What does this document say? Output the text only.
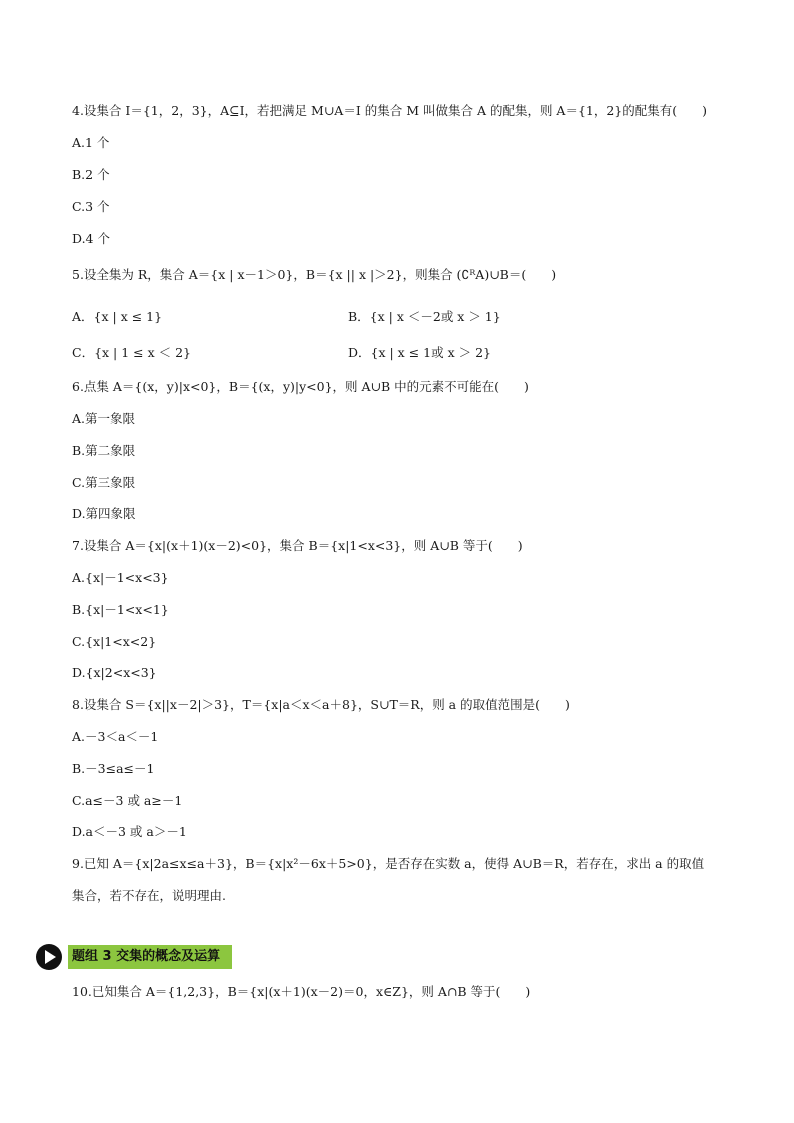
4.设集合 I＝{1，2，3}，A⊆I，若把满足 M∪A＝I 的集合 M 叫做集合 A 的配集，则 A＝{1，2}的配集有(　　)
A.1 个
B.2 个
C.3 个
D.4 个
5.设全集为 R，集合 A＝{x | x－1＞0}，B＝{x || x |＞2}，则集合 (∁ᴿA)∪B＝(　　)
A．{x | x ≤ 1}	B．{x | x ＜－2或 x ＞ 1}
C．{x | 1 ≤ x ＜ 2}	D．{x | x ≤ 1或 x ＞ 2}
6.点集 A＝{(x，y)|x<0}，B＝{(x，y)|y<0}，则 A∪B 中的元素不可能在(　　)
A.第一象限
B.第二象限
C.第三象限
D.第四象限
7.设集合 A＝{x|(x＋1)(x－2)<0}，集合 B＝{x|1<x<3}，则 A∪B 等于(　　)
A.{x|－1<x<3}
B.{x|－1<x<1}
C.{x|1<x<2}
D.{x|2<x<3}
8.设集合 S＝{x||x－2|＞3}，T＝{x|a＜x＜a＋8}，S∪T＝R，则 a 的取值范围是(　　)
A.－3＜a＜－1
B.－3≤a≤－1
C.a≤－3 或 a≥－1
D.a＜－3 或 a＞－1
9.已知 A＝{x|2a≤x≤a＋3}，B＝{x|x²－6x＋5>0}，是否存在实数 a，使得 A∪B＝R，若存在，求出 a 的取值
集合，若不存在，说明理由.
题组 3 交集的概念及运算
10.已知集合 A＝{1,2,3}，B＝{x|(x＋1)(x－2)＝0，x∈Z}，则 A∩B 等于(　　)
